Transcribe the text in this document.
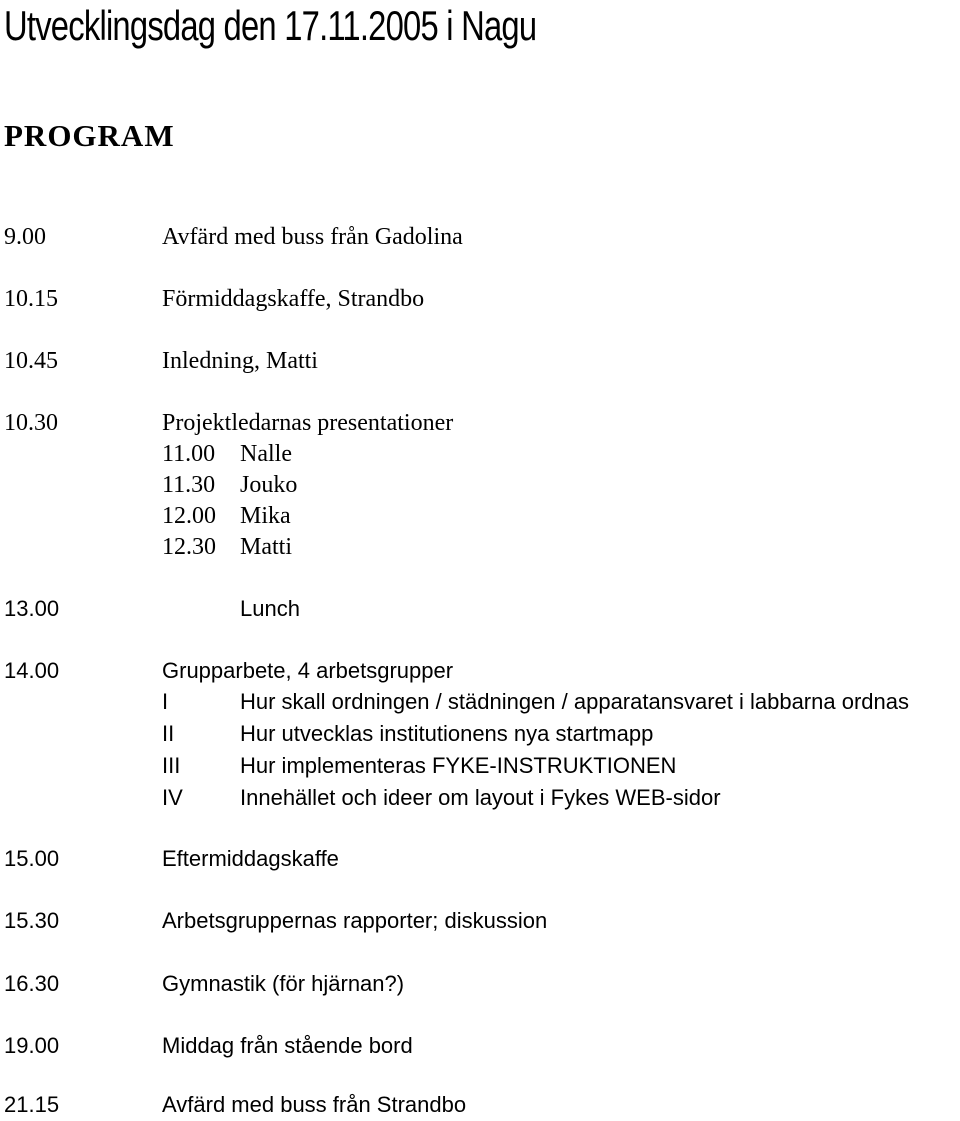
Utvecklingsdag den 17.11.2005 i Nagu
PROGRAM
9.00	Avfärd med buss från Gadolina
10.15	Förmiddagskaffe, Strandbo
10.45	Inledning, Matti
10.30	Projektledarnas presentationer
11.00 Nalle
11.30 Jouko
12.00 Mika
12.30 Matti
13.00	Lunch
14.00	Grupparbete, 4 arbetsgrupper
I	Hur skall ordningen / städningen / apparatansvaret i labbarna ordnas
II	Hur utvecklas institutionens nya startmapp
III	Hur implementeras FYKE-INSTRUKTIONEN
IV	Innehället och ideer om layout i Fykes WEB-sidor
15.00	Eftermiddagskaffe
15.30	Arbetsgruppernas rapporter; diskussion
16.30	Gymnastik (för hjärnan?)
19.00	Middag från stående bord
21.15	Avfärd med buss från Strandbo
